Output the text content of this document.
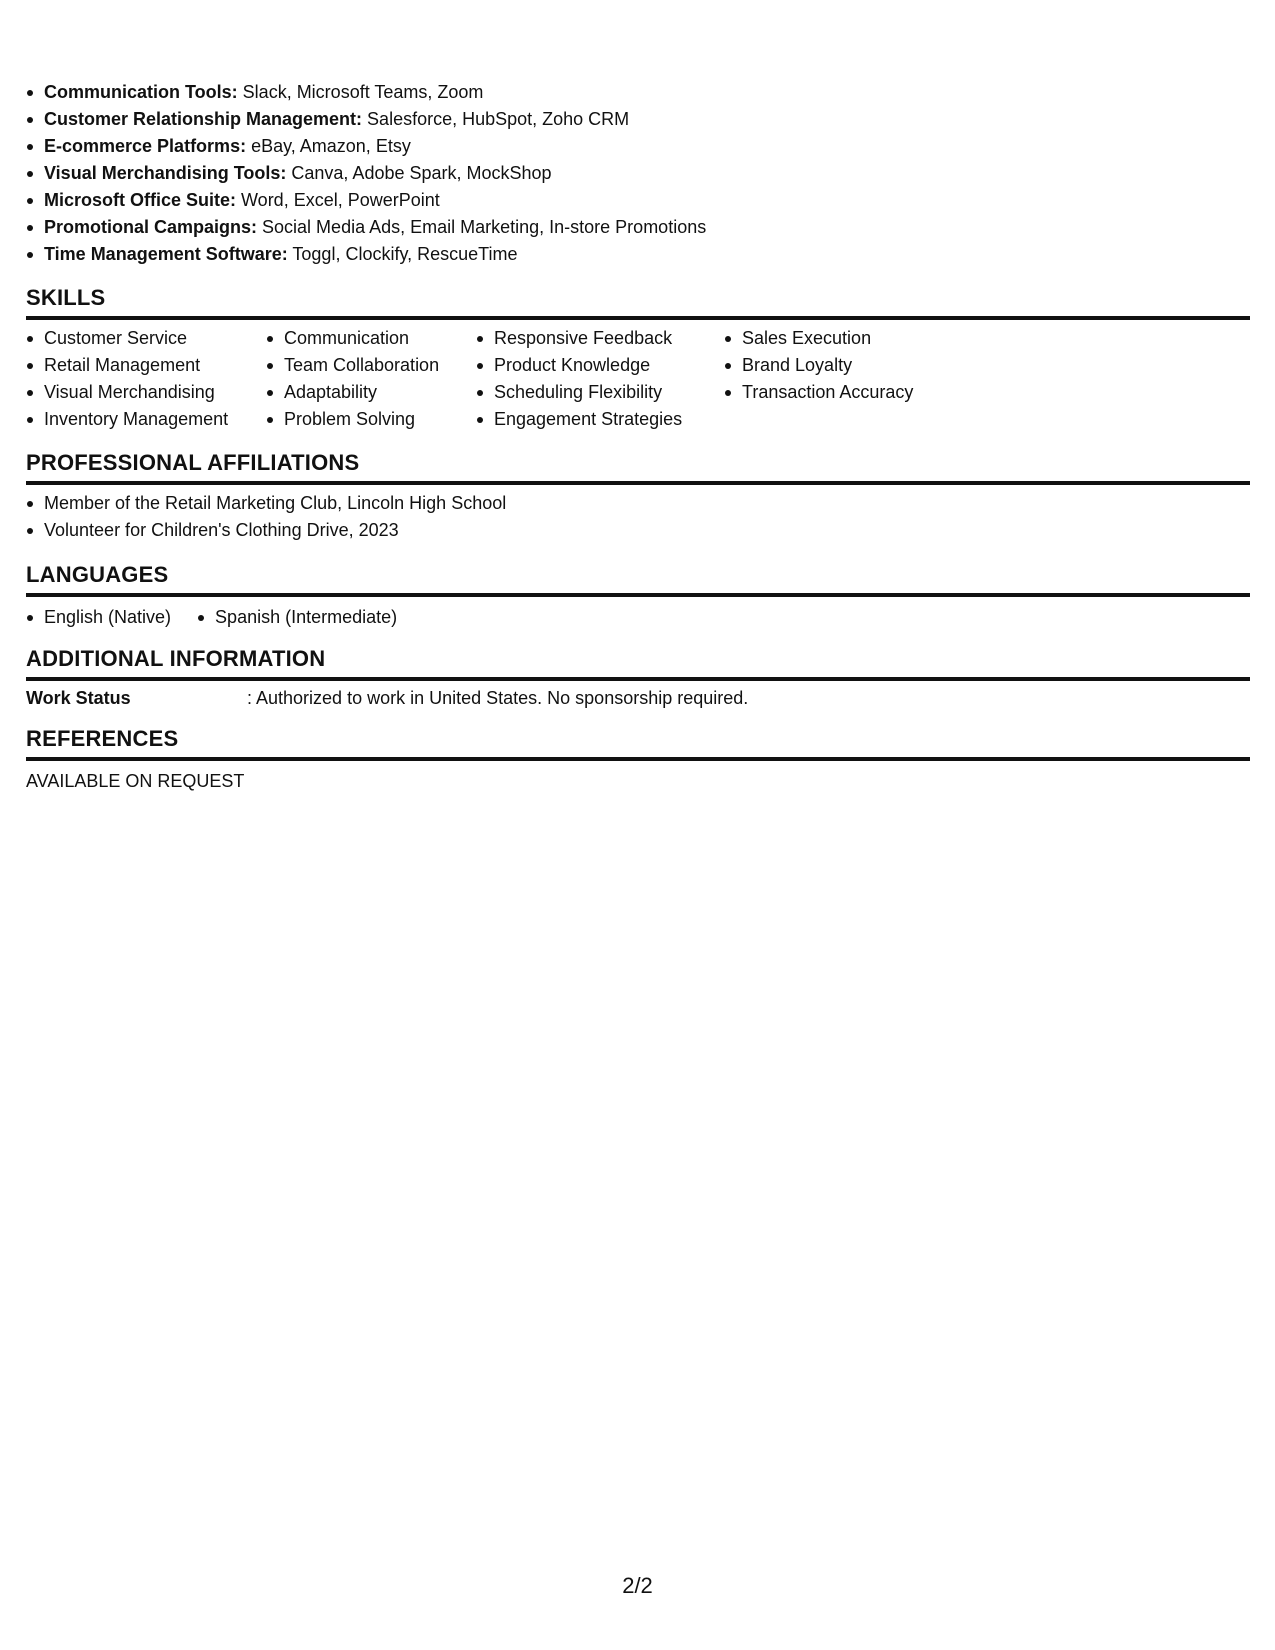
Communication Tools: Slack, Microsoft Teams, Zoom
Customer Relationship Management: Salesforce, HubSpot, Zoho CRM
E-commerce Platforms: eBay, Amazon, Etsy
Visual Merchandising Tools: Canva, Adobe Spark, MockShop
Microsoft Office Suite: Word, Excel, PowerPoint
Promotional Campaigns: Social Media Ads, Email Marketing, In-store Promotions
Time Management Software: Toggl, Clockify, RescueTime
SKILLS
Customer Service
Retail Management
Visual Merchandising
Inventory Management
Communication
Team Collaboration
Adaptability
Problem Solving
Responsive Feedback
Product Knowledge
Scheduling Flexibility
Engagement Strategies
Sales Execution
Brand Loyalty
Transaction Accuracy
PROFESSIONAL AFFILIATIONS
Member of the Retail Marketing Club, Lincoln High School
Volunteer for Children's Clothing Drive, 2023
LANGUAGES
English (Native)	Spanish (Intermediate)
ADDITIONAL INFORMATION
Work Status	: Authorized to work in United States. No sponsorship required.
REFERENCES
AVAILABLE ON REQUEST
2/2
